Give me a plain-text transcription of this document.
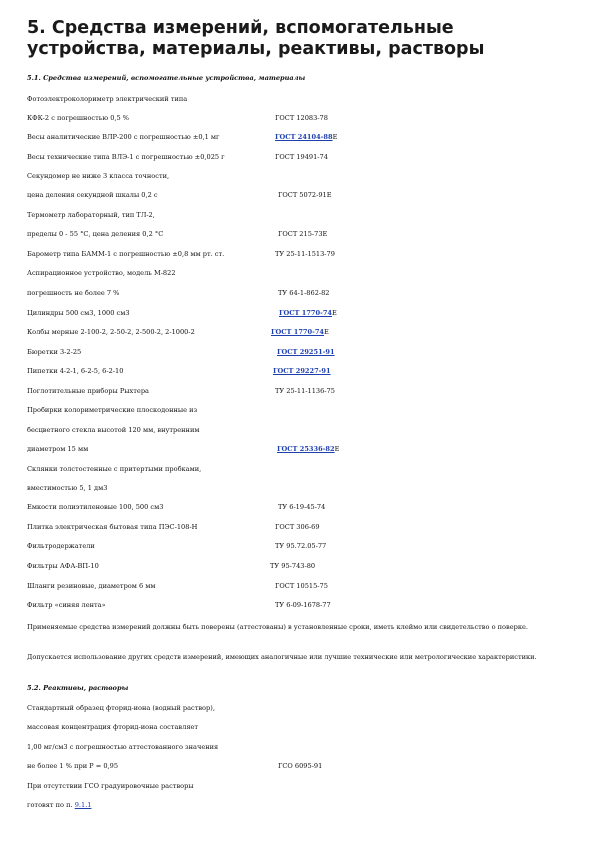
5. Средства измерений, вспомогательные устройства, материалы, реактивы, растворы
5.1. Средства измерений, вспомогательные устройства, материалы
Фотоэлектроколориметр электрический типа
КФК-2 с погрешностью 0,5 %	ГОСТ 12083-78
Весы аналитические ВЛР-200 с погрешностью ±0,1 мг	ГОСТ 24104-88Е
Весы технические типа ВЛЭ-1 с погрешностью ±0,025 г	ГОСТ 19491-74
Секундомер не ниже 3 класса точности,
цена деления секундной шкалы 0,2 с	ГОСТ 5072-91Е
Термометр лабораторный, тип ТЛ-2,
пределы 0 - 55 °С, цена деления 0,2 °С	ГОСТ 215-73Е
Барометр типа БАММ-1 с погрешностью ±0,8 мм рт. ст.	ТУ 25-11-1513-79
Аспирационное устройство, модель М-822
погрешность не более 7 %	ТУ 64-1-862-82
Цилиндры 500 см3, 1000 см3	ГОСТ 1770-74Е
Колбы мерные 2-100-2, 2-50-2, 2-500-2, 2-1000-2	ГОСТ 1770-74Е
Бюретки 3-2-25	ГОСТ 29251-91
Пипетки 4-2-1, 6-2-5, 6-2-10	ГОСТ 29227-91
Поглотительные приборы Рыхтера	ТУ 25-11-1136-75
Пробирки колориметрические плоскодонные из
бесцветного стекла высотой 120 мм, внутренним
диаметром 15 мм	ГОСТ 25336-82Е
Склянки толстостенные с притертыми пробками,
вместимостью 5, 1 дм3
Емкости полиэтиленовые 100, 500 см3	ТУ 6-19-45-74
Плитка электрическая бытовая типа ПЭС-108-Н	ГОСТ 306-69
Фильтродержатели	ТУ 95.72.05-77
Фильтры АФА-ВП-10	ТУ 95-743-80
Шланги резиновые, диаметром 6 мм	ГОСТ 10515-75
Фильтр «синяя лента»	ТУ 6-09-1678-77
Применяемые средства измерений должны быть поверены (аттестованы) в установленные сроки, иметь клеймо или свидетельство о поверке.
Допускается использование других средств измерений, имеющих аналогичные или лучшие технические или метрологические характеристики.
5.2. Реактивы, растворы
Стандартный образец фторид-иона (водный раствор),
массовая концентрация фторид-иона составляет
1,00 мг/см3 с погрешностью аттестованного значения
не более 1 % при P = 0,95	ГСО 6095-91
При отсутствии ГСО градуировочные растворы
готовят по п. 9.1.1
